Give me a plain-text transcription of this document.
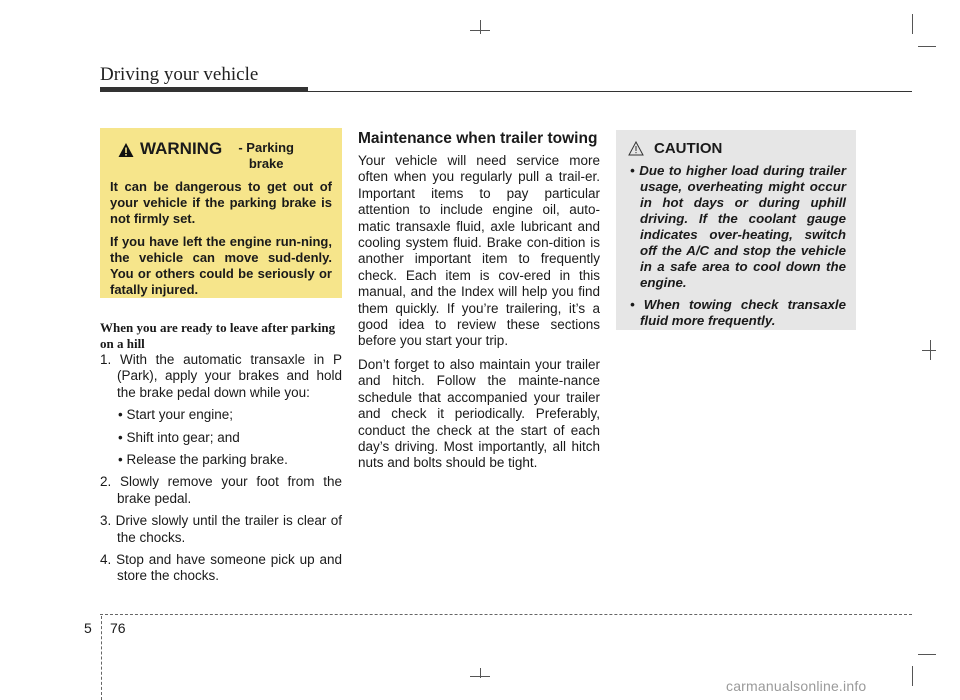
Driving your vehicle
WARNING	- Parking brake

It can be dangerous to get out of your vehicle if the parking brake is not firmly set.

If you have left the engine run-ning, the vehicle can move sud-denly. You or others could be seriously or fatally injured.

When you are ready to leave after parking on a hill
1. With the automatic transaxle in P (Park), apply your brakes and hold the brake pedal down while you:
• Start your engine;
• Shift into gear; and
• Release the parking brake.
2. Slowly remove your foot from the brake pedal.
3. Drive slowly until the trailer is clear of the chocks.
4. Stop and have someone pick up and store the chocks.
Maintenance when trailer towing

Your vehicle will need service more often when you regularly pull a trail-er. Important items to pay particular attention to include engine oil, auto-matic transaxle fluid, axle lubricant and cooling system fluid. Brake con-dition is another important item to frequently check. Each item is cov-ered in this manual, and the Index will help you find them quickly. If you’re trailering, it’s a good idea to review these sections before you start your trip.

Don’t forget to also maintain your trailer and hitch. Follow the mainte-nance schedule that accompanied your trailer and check it periodically. Preferably, conduct the check at the start of each day’s driving. Most importantly, all hitch nuts and bolts should be tight.

CAUTION

• Due to higher load during trailer usage, overheating might occur in hot days or during uphill driving. If the coolant gauge indicates over-heating, switch off the A/C and stop the vehicle in a safe area to cool down the engine.

• When towing check transaxle fluid more frequently.

5 76
carmanualsonline.info
